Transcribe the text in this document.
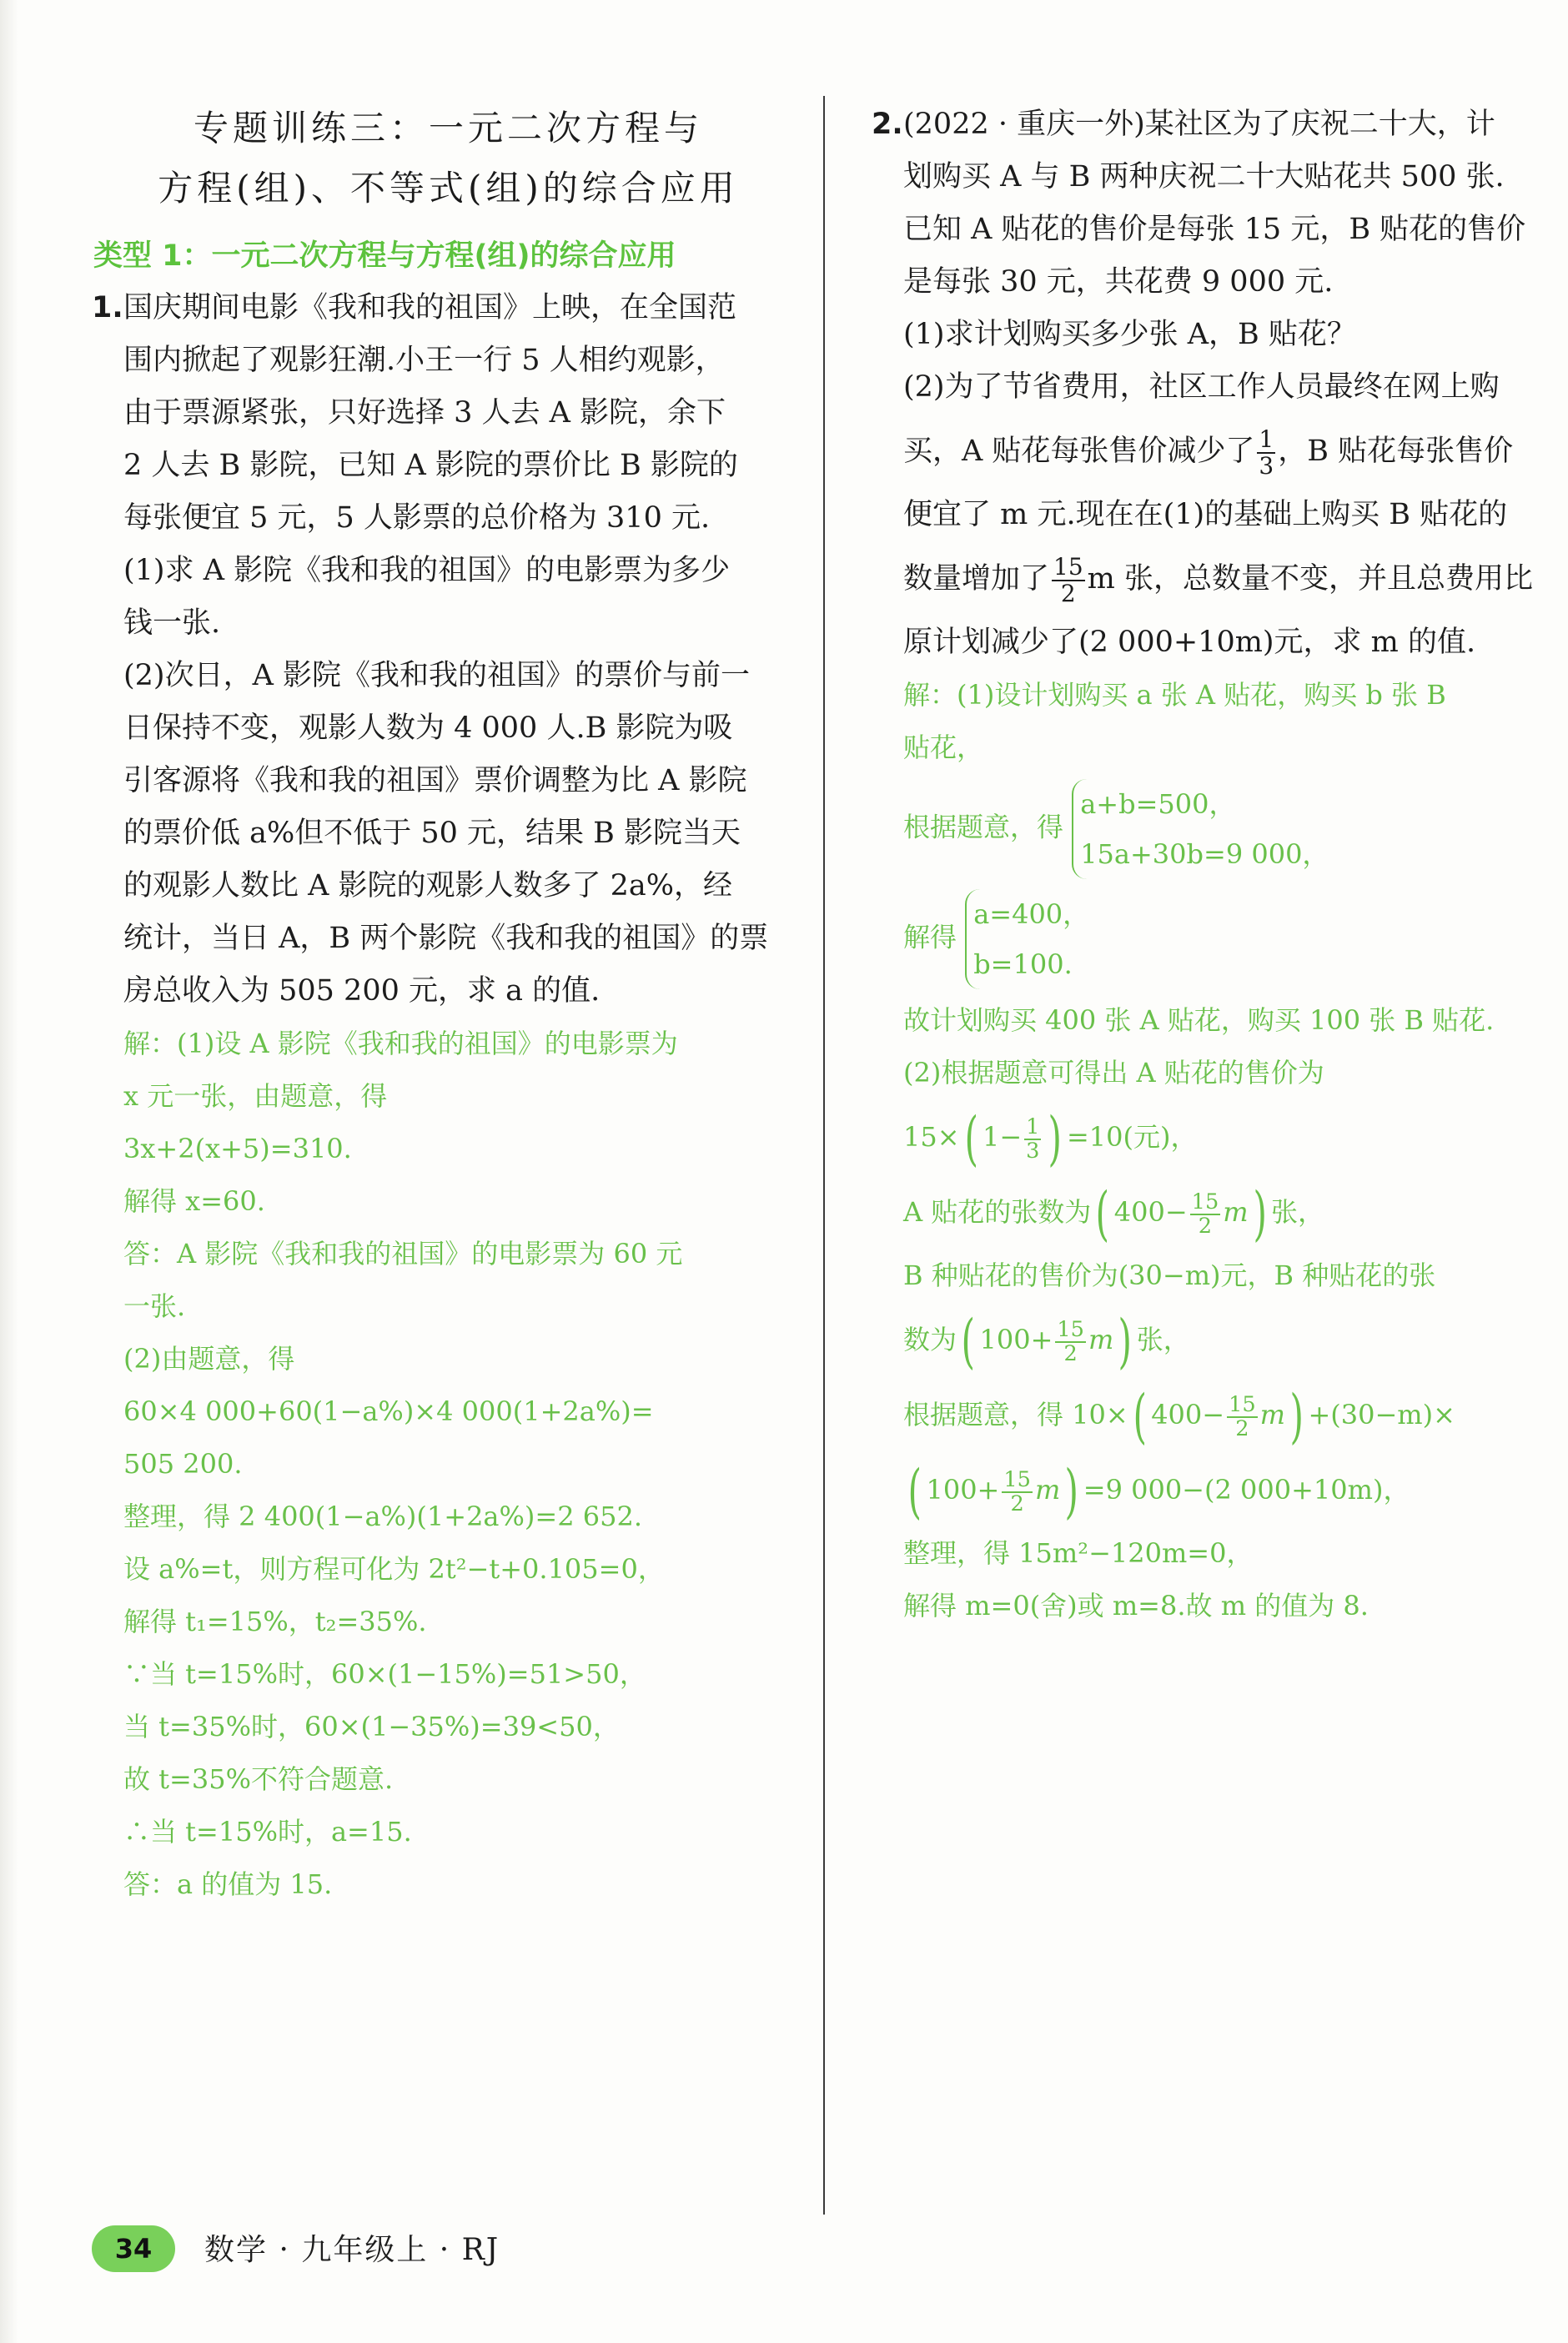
专题训练三：一元二次方程与
方程(组)、不等式(组)的综合应用
类型 1：一元二次方程与方程(组)的综合应用
1.国庆期间电影《我和我的祖国》上映，在全国范
围内掀起了观影狂潮.小王一行 5 人相约观影，
由于票源紧张，只好选择 3 人去 A 影院，余下
2 人去 B 影院，已知 A 影院的票价比 B 影院的
每张便宜 5 元，5 人影票的总价格为 310 元.
(1)求 A 影院《我和我的祖国》的电影票为多少
钱一张.
(2)次日，A 影院《我和我的祖国》的票价与前一
日保持不变，观影人数为 4 000 人.B 影院为吸
引客源将《我和我的祖国》票价调整为比 A 影院
的票价低 a%但不低于 50 元，结果 B 影院当天
的观影人数比 A 影院的观影人数多了 2a%，经
统计，当日 A，B 两个影院《我和我的祖国》的票
房总收入为 505 200 元，求 a 的值.
解：(1)设 A 影院《我和我的祖国》的电影票为
x 元一张，由题意，得
3x+2(x+5)=310.
解得 x=60.
答：A 影院《我和我的祖国》的电影票为 60 元
一张.
(2)由题意，得
60×4 000+60(1−a%)×4 000(1+2a%)=
505 200.
整理，得 2 400(1−a%)(1+2a%)=2 652.
设 a%=t，则方程可化为 2t²−t+0.105=0，
解得 t₁=15%，t₂=35%.
∵当 t=15%时，60×(1−15%)=51>50，
当 t=35%时，60×(1−35%)=39<50，
故 t=35%不符合题意.
∴当 t=15%时，a=15.
答：a 的值为 15.
2.(2022 · 重庆一外)某社区为了庆祝二十大，计
划购买 A 与 B 两种庆祝二十大贴花共 500 张.
已知 A 贴花的售价是每张 15 元，B 贴花的售价
是每张 30 元，共花费 9 000 元.
(1)求计划购买多少张 A，B 贴花？
(2)为了节省费用，社区工作人员最终在网上购
买，A 贴花每张售价减少了 $\frac{1}{3}$ ，B 贴花每张售价
便宜了 m 元.现在在(1)的基础上购买 B 贴花的
数量增加了 $\frac{15}{2}$ m 张，总数量不变，并且总费用比
原计划减少了(2 000+10m)元，求 m 的值.
解：(1)设计划购买 a 张 A 贴花，购买 b 张 B
贴花，
根据题意，得
a+b=500，
15a+30b=9 000，
解得
a=400，
b=100.
故计划购买 400 张 A 贴花，购买 100 张 B 贴花.
(2)根据题意可得出 A 贴花的售价为
15×( $1- \frac{1}{3}$ ) =10(元)，
A 贴花的张数为( $400- \frac{15}{2} m$) 张，
B 种贴花的售价为(30−m)元，B 种贴花的张
数为( $100+ \frac{15}{2} m$) 张，
根据题意，得 10×( $400- \frac{15}{2} m) +(30-m)\times$
( $100+ \frac{15}{2} m) =9$ 000−(2 000+10m)，
整理，得 15m²−120m=0，
解得 m=0(舍)或 m=8.故 m 的值为 8.
34	数学 · 九年级上 · RJ
